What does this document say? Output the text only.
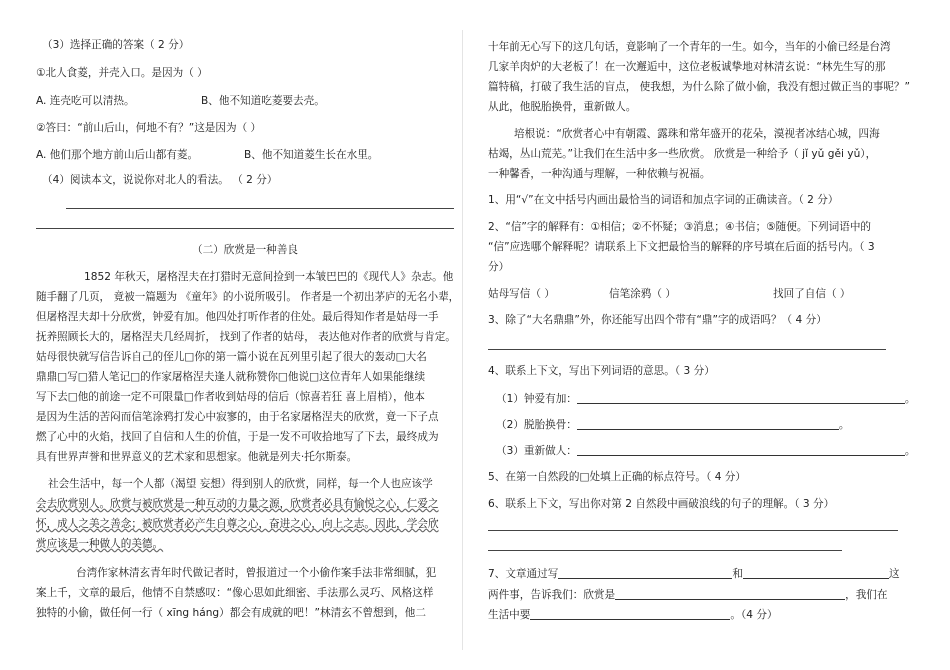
（3）选择正确的答案（ 2 分）
①北人食菱，并壳入口。是因为（ ）
A. 连壳吃可以清热。	B、他不知道吃菱要去壳。
②答曰：“前山后山，何地不有？”这是因为（ ）
A. 他们那个地方前山后山都有菱。	B、他不知道菱生长在水里。
（4）阅读本文，说说你对北人的看法。 （ 2 分）
（二）欣赏是一种善良
1852 年秋天，屠格涅夫在打猎时无意间捡到一本皱巴巴的《现代人》杂志。他
随手翻了几页， 竟被一篇题为 《童年》的小说所吸引。 作者是一个初出茅庐的无名小辈，
但屠格涅夫却十分欣赏，钟爱有加。他四处打听作者的住处。最后得知作者是姑母一手
抚养照顾长大的，屠格涅夫几经周折， 找到了作者的姑母， 表达他对作者的欣赏与肯定。
姑母很快就写信告诉自己的侄儿□你的第一篇小说在瓦列里引起了很大的轰动□大名
鼎鼎□写□猎人笔记□的作家屠格涅夫逢人就称赞你□他说□这位青年人如果能继续
写下去□他的前途一定不可限量□作者收到姑母的信后（惊喜若狂 喜上眉梢），他本
是因为生活的苦闷而信笔涂鸦打发心中寂寥的，由于名家屠格涅夫的欣赏，竟一下子点
燃了心中的火焰，找回了自信和人生的价值，于是一发不可收拾地写了下去，最终成为
具有世界声誉和世界意义的艺术家和思想家。他就是列夫·托尔斯泰。
社会生活中，每一个人都（渴望 妄想）得到别人的欣赏，同样，每一个人也应该学
会去欣赏别人。欣赏与被欣赏是一种互动的力量之源，欣赏者必具有愉悦之心，仁爱之
怀，成人之美之善念；被欣赏者必产生自尊之心，奋进之心，向上之志。因此，学会欣
赏应该是一种做人的美德。
台湾作家林清玄青年时代做记者时，曾报道过一个小偷作案手法非常细腻，犯
案上千，文章的最后，他情不自禁感叹：“像心思如此细密、手法那么灵巧、风格这样
独特的小偷，做任何一行（ xīng háng）都会有成就的吧！”林清玄不曾想到，他二
十年前无心写下的这几句话，竟影响了一个青年的一生。如今，当年的小偷已经是台湾
几家羊肉炉的大老板了！在一次邂逅中，这位老板诚挚地对林清玄说：“林先生写的那
篇特稿，打破了我生活的盲点， 使我想，为什么除了做小偷，我没有想过做正当的事呢？”
从此，他脱胎换骨，重新做人。
培根说：“欣赏者心中有朝霞、露珠和常年盛开的花朵，漠视者冰结心城，四海
枯竭，丛山荒芜。”让我们在生活中多一些欣赏。 欣赏是一种给予（ jǐ yǔ gěi yǔ），
一种馨香，一种沟通与理解，一种依赖与祝福。
1、用“√”在文中括号内画出最恰当的词语和加点字词的正确读音。（ 2 分）
2、“信”字的解释有：①相信；②不怀疑；③消息；④书信；⑤随便。下列词语中的
“信”应选哪个解释呢？请联系上下文把最恰当的解释的序号填在后面的括号内。（ 3
分）
姑母写信（ ）	信笔涂鸦（ ）	找回了自信（ ）
3、除了“大名鼎鼎”外，你还能写出四个带有“鼎”字的成语吗？（ 4 分）
4、联系上下文，写出下列词语的意思。（ 3 分）
（1）钟爱有加：	。
（2）脱胎换骨：	。
（3）重新做人：	。
5、在第一自然段的□处填上正确的标点符号。（ 4 分）
6、联系上下文，写出你对第 2 自然段中画破浪线的句子的理解。（ 3 分）
7、文章通过写	和	这
两件事，告诉我们：欣赏是	，我们在
生活中要	。（4 分）
